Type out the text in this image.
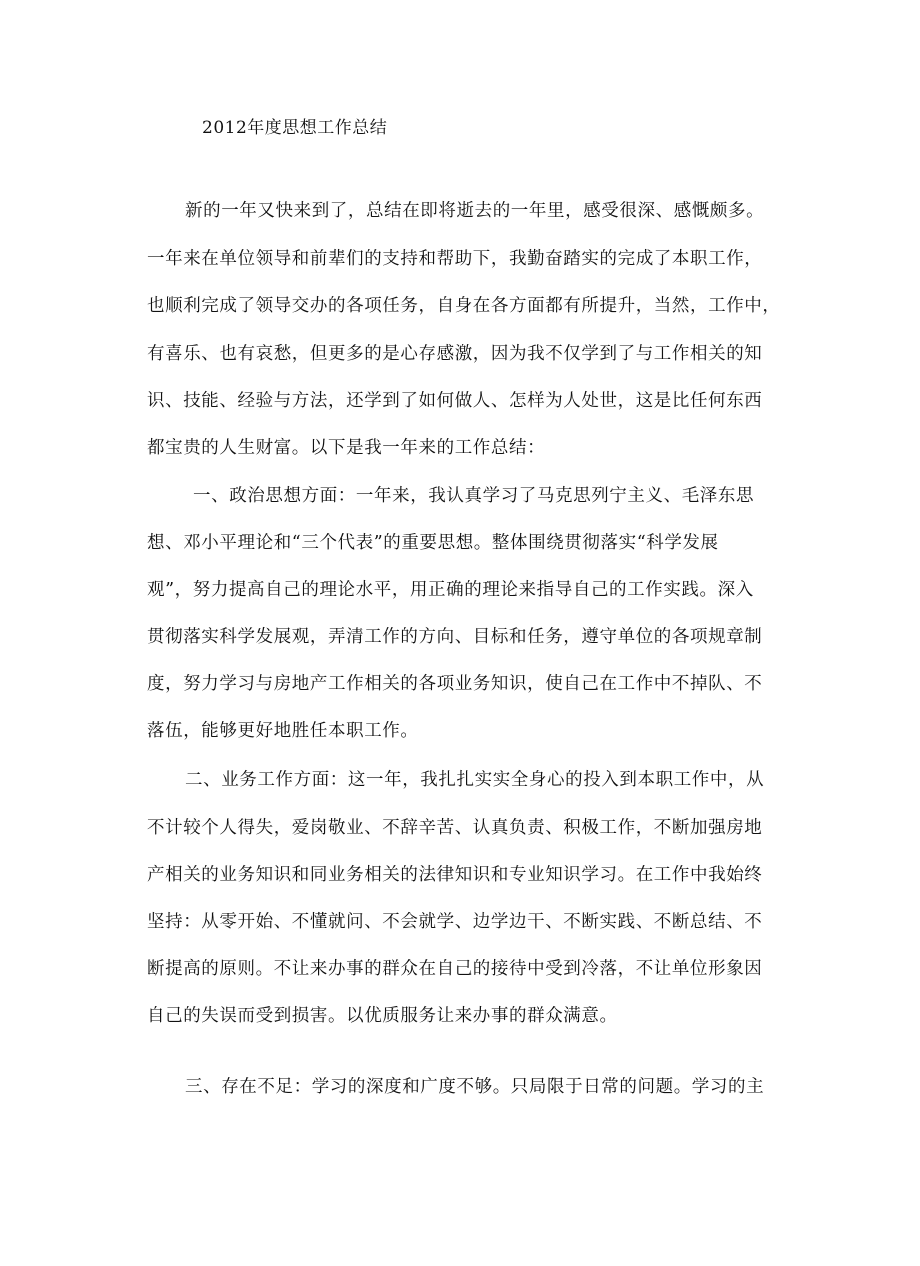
2012年度思想工作总结
新的一年又快来到了，总结在即将逝去的一年里，感受很深、感慨颇多。
一年来在单位领导和前辈们的支持和帮助下，我勤奋踏实的完成了本职工作，
也顺利完成了领导交办的各项任务，自身在各方面都有所提升，当然，工作中，
有喜乐、也有哀愁，但更多的是心存感激，因为我不仅学到了与工作相关的知
识、技能、经验与方法，还学到了如何做人、怎样为人处世，这是比任何东西
都宝贵的人生财富。以下是我一年来的工作总结：
一、政治思想方面：一年来，我认真学习了马克思列宁主义、毛泽东思
想、邓小平理论和“三个代表”的重要思想。整体围绕贯彻落实“科学发展
观”，努力提高自己的理论水平，用正确的理论来指导自己的工作实践。深入
贯彻落实科学发展观，弄清工作的方向、目标和任务，遵守单位的各项规章制
度，努力学习与房地产工作相关的各项业务知识，使自己在工作中不掉队、不
落伍，能够更好地胜任本职工作。
二、业务工作方面：这一年，我扎扎实实全身心的投入到本职工作中，从
不计较个人得失，爱岗敬业、不辞辛苦、认真负责、积极工作，不断加强房地
产相关的业务知识和同业务相关的法律知识和专业知识学习。在工作中我始终
坚持：从零开始、不懂就问、不会就学、边学边干、不断实践、不断总结、不
断提高的原则。不让来办事的群众在自己的接待中受到冷落，不让单位形象因
自己的失误而受到损害。以优质服务让来办事的群众满意。
三、存在不足：学习的深度和广度不够。只局限于日常的问题。学习的主
